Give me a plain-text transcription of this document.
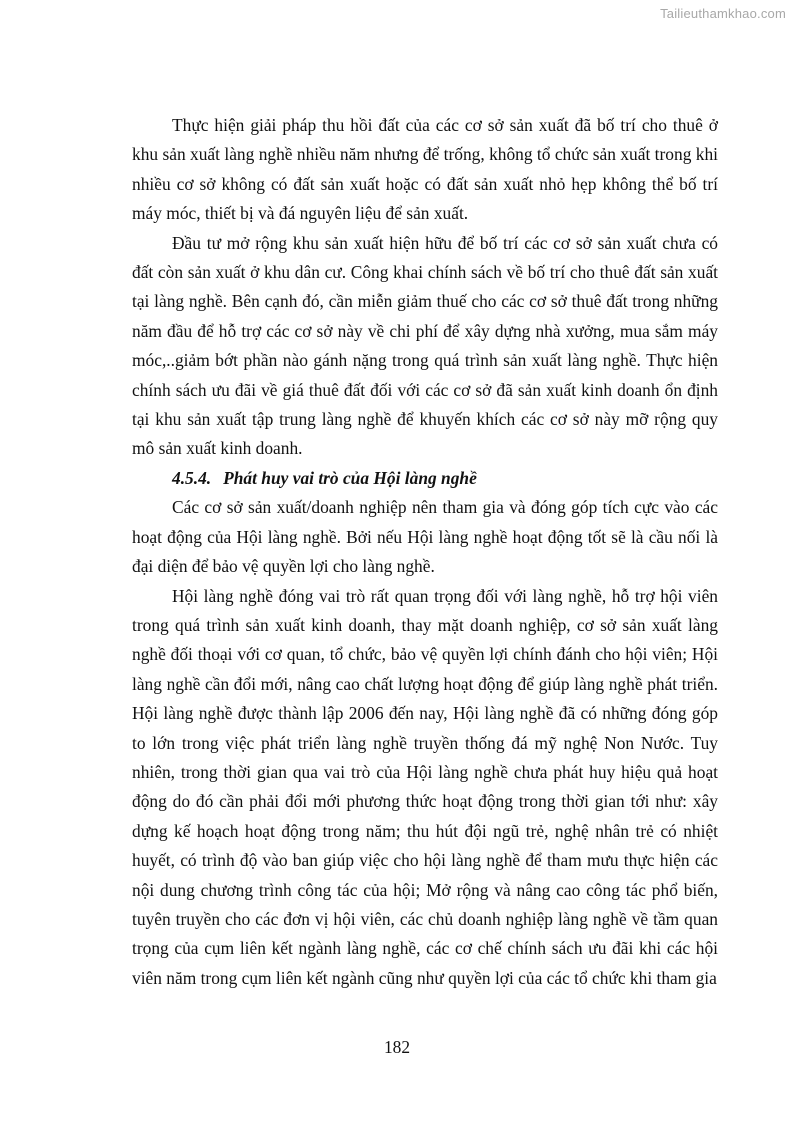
Tailieuthamkhao.com

Thực hiện giải pháp thu hồi đất của các cơ sở sản xuất đã bố trí cho thuê ở khu sản xuất làng nghề nhiều năm nhưng để trống, không tổ chức sản xuất trong khi nhiều cơ sở không có đất sản xuất hoặc có đất sản xuất nhỏ hẹp không thể bố trí máy móc, thiết bị và đá nguyên liệu để sản xuất.

Đầu tư mở rộng khu sản xuất hiện hữu để bố trí các cơ sở sản xuất chưa có đất còn sản xuất ở khu dân cư. Công khai chính sách về bố trí cho thuê đất sản xuất tại làng nghề. Bên cạnh đó, cần miễn giảm thuế cho các cơ sở thuê đất trong những năm đầu để hỗ trợ các cơ sở này về chi phí để xây dựng nhà xưởng, mua sắm máy móc,..giảm bớt phần nào gánh nặng trong quá trình sản xuất làng nghề. Thực hiện chính sách ưu đãi về giá thuê đất đối với các cơ sở đã sản xuất kinh doanh ổn định tại khu sản xuất tập trung làng nghề để khuyến khích các cơ sở này mỡ rộng quy mô sản xuất kinh doanh.

4.5.4. Phát huy vai trò của Hội làng nghề

Các cơ sở sản xuất/doanh nghiệp nên tham gia và đóng góp tích cực vào các hoạt động của Hội làng nghề. Bởi nếu Hội làng nghề hoạt động tốt sẽ là cầu nối là đại diện để bảo vệ quyền lợi cho làng nghề.

Hội làng nghề đóng vai trò rất quan trọng đối với làng nghề, hỗ trợ hội viên trong quá trình sản xuất kinh doanh, thay mặt doanh nghiệp, cơ sở sản xuất làng nghề đối thoại với cơ quan, tổ chức, bảo vệ quyền lợi chính đánh cho hội viên; Hội làng nghề cần đổi mới, nâng cao chất lượng hoạt động để giúp làng nghề phát triển. Hội làng nghề được thành lập 2006 đến nay, Hội làng nghề đã có những đóng góp to lớn trong việc phát triển làng nghề truyền thống đá mỹ nghệ Non Nước. Tuy nhiên, trong thời gian qua vai trò của Hội làng nghề chưa phát huy hiệu quả hoạt động do đó cần phải đổi mới phương thức hoạt động trong thời gian tới như: xây dựng kế hoạch hoạt động trong năm; thu hút đội ngũ trẻ, nghệ nhân trẻ có nhiệt huyết, có trình độ vào ban giúp việc cho hội làng nghề để tham mưu thực hiện các nội dung chương trình công tác của hội; Mở rộng và nâng cao công tác phổ biến, tuyên truyền cho các đơn vị hội viên, các chủ doanh nghiệp làng nghề về tầm quan trọng của cụm liên kết ngành làng nghề, các cơ chế chính sách ưu đãi khi các hội viên năm trong cụm liên kết ngành cũng như quyền lợi của các tổ chức khi tham gia

182
